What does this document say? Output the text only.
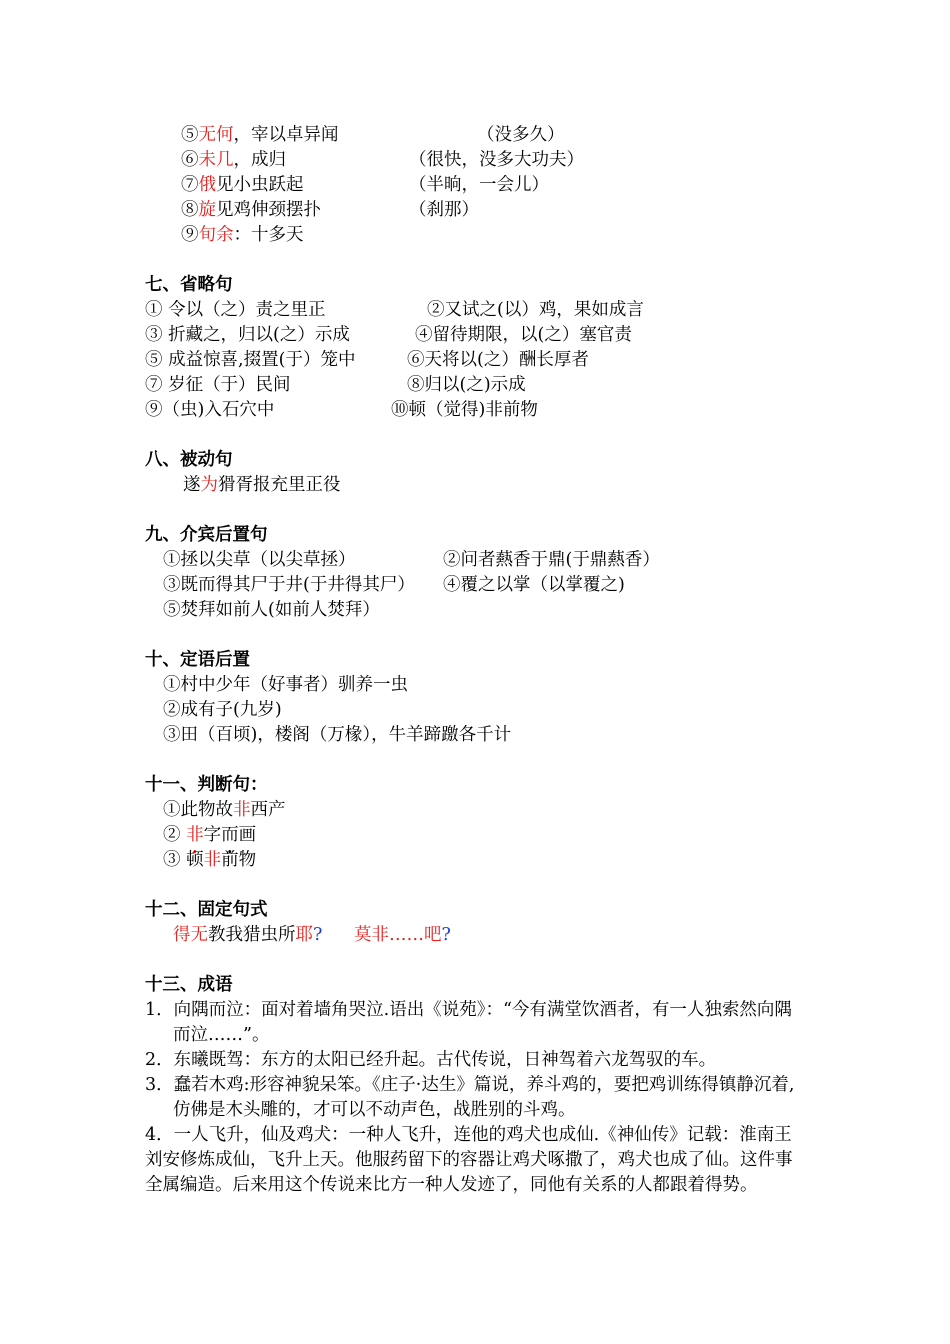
⑤无何，宰以卓异闻	（没多久）
⑥未几，成归	（很快，没多大功夫）
⑦俄见小虫跃起	（半晌，一会儿）
⑧旋见鸡伸颈摆扑	（刹那）
⑨旬余：十多天
七、省略句
① 令以（之）责之里正	②又试之(以）鸡，果如成言
③ 折藏之，归以(之）示成	④留待期限，以(之）塞官责
⑤ 成益惊喜,掇置(于）笼中	⑥天将以(之）酬长厚者
⑦ 岁征（于）民间	⑧归以(之)示成
⑨（虫)入石穴中	⑩顿（觉得)非前物
八、被动句
遂为猾胥报充里正役
九、介宾后置句
①拯以尖草（以尖草拯）	②问者爇香于鼎(于鼎爇香）
③既而得其尸于井(于井得其尸） ④覆之以掌（以掌覆之)
⑤焚拜如前人(如前人焚拜）
十、定语后置
①村中少年（好事者）驯养一虫
②成有子(九岁)
③田（百顷)，楼阁（万椽），牛羊蹄躈各千计
十一、判断句：
①此物故非西产
② 非字而画
③ 顿非前物
十二、固定句式
得无教我猎虫所耶? 莫非……吧?
十三、成语
1．向隅而泣：面对着墙角哭泣.语出《说苑》：“今有满堂饮酒者，有一人独索然向隅而泣……”。
2．东曦既驾：东方的太阳已经升起。古代传说，日神驾着六龙驾驭的车。
3．蠢若木鸡:形容神貌呆笨。《庄子·达生》篇说，养斗鸡的，要把鸡训练得镇静沉着,仿佛是木头雕的，才可以不动声色，战胜别的斗鸡。
4．一人飞升，仙及鸡犬：一种人飞升，连他的鸡犬也成仙.《神仙传》记载：淮南王刘安修炼成仙，飞升上天。他服药留下的容器让鸡犬啄撒了，鸡犬也成了仙。这件事全属编造。后来用这个传说来比方一种人发迹了，同他有关系的人都跟着得势。
